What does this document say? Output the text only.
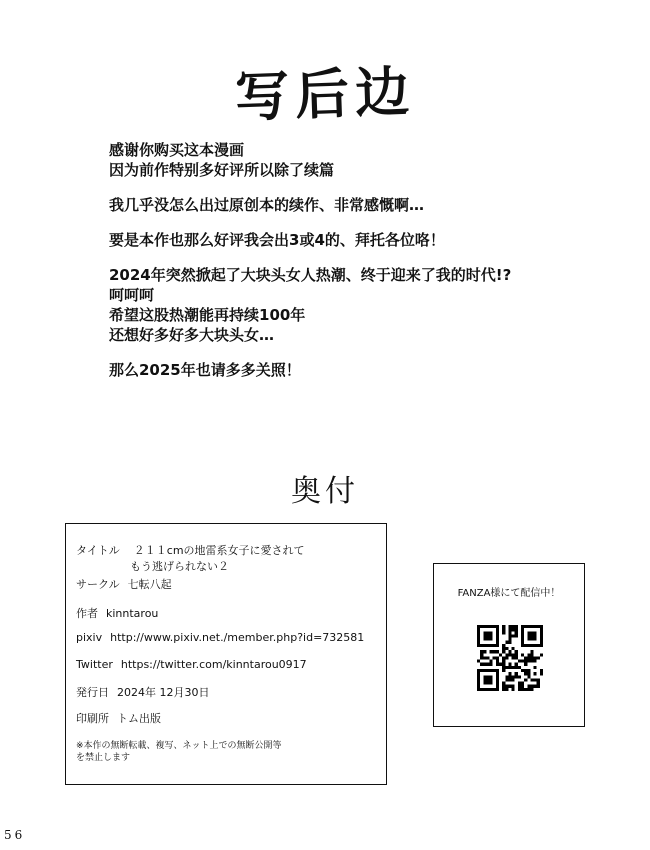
写后边
感谢你购买这本漫画
因为前作特别多好评所以除了续篇
我几乎没怎么出过原创本的续作、非常感慨啊…
要是本作也那么好评我会出3或4的、拜托各位咯！
2024年突然掀起了大块头女人热潮、终于迎来了我的时代!?
呵呵呵
希望这股热潮能再持续100年
还想好多好多大块头女…
那么2025年也请多多关照！
奥付
タイトル ２１１cmの地雷系女子に愛されて
もう逃げられない２
サークル 七転八起
作者 kinntarou
pixiv http://www.pixiv.net./member.php?id=732581
Twitter https://twitter.com/kinntarou0917
発行日 2024年 12月30日
印刷所 トム出版
※本作の無断転載、複写、ネット上での無断公開等
を禁止します
FANZA様にて配信中！
56
